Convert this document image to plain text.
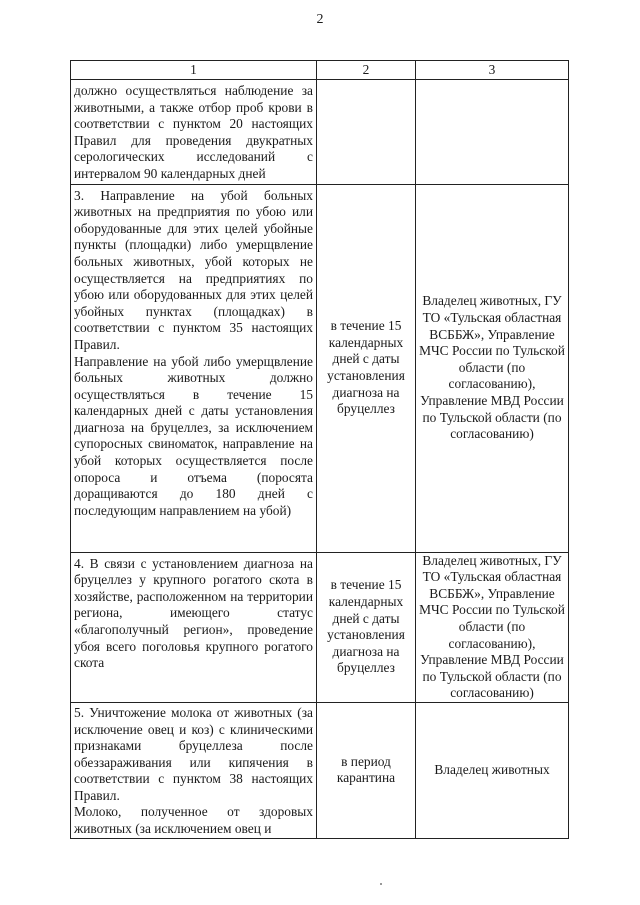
2
1	2	3
должно осуществляться наблюдение за животными, а также отбор проб крови в соответствии с пунктом 20 настоящих Правил для проведения двукратных серологических исследований с интервалом 90 календарных дней		

3. Направление на убой больных животных на предприятия по убою или оборудованные для этих целей убойные пункты (площадки) либо умерщвление больных животных, убой которых не осуществляется на предприятиях по убою или оборудованных для этих целей убойных пунктах (площадках) в соответствии с пунктом 35 настоящих Правил.

Направление на убой либо умерщвление больных животных должно осуществляться в течение 15 календарных дней с даты установления диагноза на бруцеллез, за исключением супоросных свиноматок, направление на убой которых осуществляется после опороса и отъема (поросята доращиваются до 180 дней с последующим направлением на убой)	в течение 15 календарных дней с даты установления диагноза на бруцеллез	Владелец животных, ГУ ТО «Тульская областная ВСББЖ», Управление МЧС России по Тульской области (по согласованию), Управление МВД России по Тульской области (по согласованию)
4. В связи с установлением диагноза на бруцеллез у крупного рогатого скота в хозяйстве, расположенном на территории региона, имеющего статус «благополучный регион», проведение убоя всего поголовья крупного рогатого скота	в течение 15 календарных дней с даты установления диагноза на бруцеллез	Владелец животных, ГУ ТО «Тульская областная ВСББЖ», Управление МЧС России по Тульской области (по согласованию), Управление МВД России по Тульской области (по согласованию)

5. Уничтожение молока от животных (за исключение овец и коз) с клиническими признаками бруцеллеза после обеззараживания или кипячения в соответствии с пунктом 38 настоящих Правил.

Молоко, полученное от здоровых животных (за исключением овец и	в период карантина	Владелец животных
